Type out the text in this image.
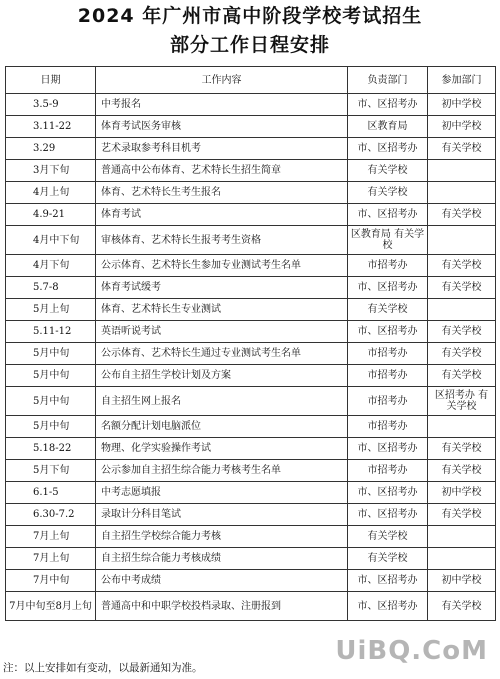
2024 年广州市高中阶段学校考试招生
部分工作日程安排
日期	工作内容	负责部门	参加部门
3.5-9	中考报名	市、区招考办	初中学校
3.11-22	体育考试医务审核	区教育局	初中学校
3.29	艺术录取参考科目机考	市、区招考办	有关学校
3月下旬	普通高中公布体育、艺术特长生招生简章	有关学校	
4月上旬	体育、艺术特长生考生报名	有关学校	
4.9-21	体育考试	市、区招考办	有关学校
4月中下旬	审核体育、艺术特长生报考考生资格	区教育局 有关学校	
4月下旬	公示体育、艺术特长生参加专业测试考生名单	市招考办	有关学校
5.7-8	体育考试缓考	市、区招考办	有关学校
5月上旬	体育、艺术特长生专业测试	有关学校	
5.11-12	英语听说考试	市、区招考办	有关学校
5月中旬	公示体育、艺术特长生通过专业测试考生名单	市招考办	有关学校
5月中旬	公布自主招生学校计划及方案	市招考办	有关学校
5月中旬	自主招生网上报名	市招考办	区招考办 有关学校
5月中旬	名额分配计划电脑派位	市招考办	
5.18-22	物理、化学实验操作考试	市、区招考办	有关学校
5月下旬	公示参加自主招生综合能力考核考生名单	市招考办	有关学校
6.1-5	中考志愿填报	市、区招考办	初中学校
6.30-7.2	录取计分科目笔试	市、区招考办	有关学校
7月上旬	自主招生学校综合能力考核	有关学校	
7月上旬	自主招生综合能力考核成绩	有关学校	
7月中旬	公布中考成绩	市、区招考办	初中学校
7月中旬至8月上旬	普通高中和中职学校投档录取、注册报到	市、区招考办	有关学校
注：以上安排如有变动，以最新通知为准。
UiBQ.CoM
